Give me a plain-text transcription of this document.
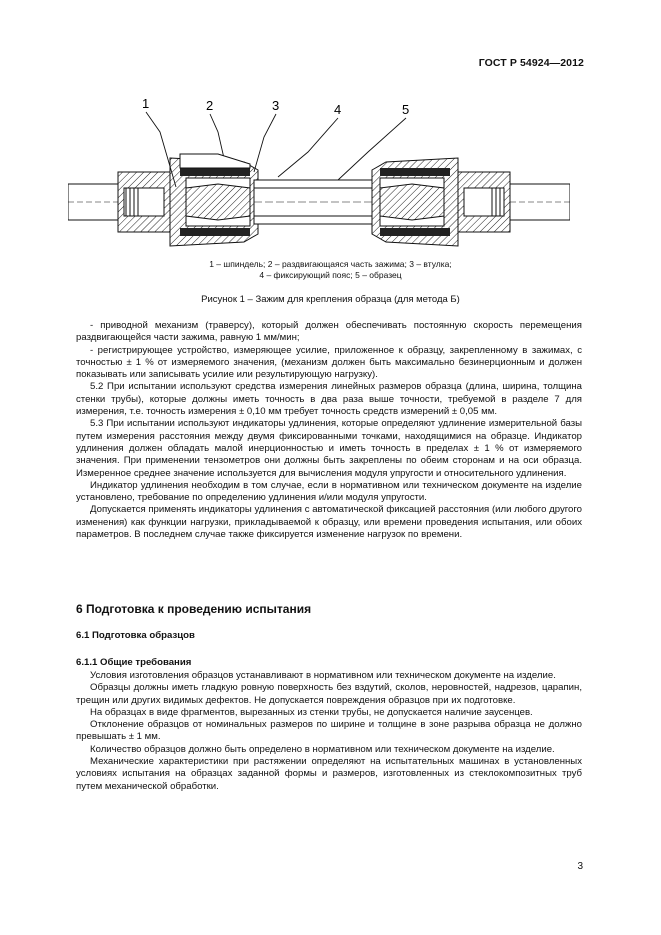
ГОСТ Р 54924—2012
1	2	3	4	5
1 – шпиндель; 2 – раздвигающаяся часть зажима; 3 – втулка;
4 – фиксирующий пояс; 5 – образец
Рисунок 1 – Зажим для крепления образца (для метода Б)

- приводной механизм (траверсу), который должен обеспечивать постоянную скорость перемещения раздвигающейся части зажима, равную 1 мм/мин;

- регистрирующее устройство, измеряющее усилие, приложенное к образцу, закрепленному в зажимах, с точностью ± 1 % от измеряемого значения, (механизм должен быть максимально безинерционным и должен показывать или записывать усилие или результирующую нагрузку).

5.2 При испытании используют средства измерения линейных размеров образца (длина, ширина, толщина стенки трубы), которые должны иметь точность в два раза выше точности, требуемой в разделе 7 для измерения, т.е. точность измерения ± 0,10 мм требует точность средств измерений ± 0,05 мм.

5.3 При испытании используют индикаторы удлинения, которые определяют удлинение измерительной базы путем измерения расстояния между двумя фиксированными точками, находящимися на образце. Индикатор удлинения должен обладать малой инерционностью и иметь точность в пределах ± 1 % от измеряемого значения. При применении тензометров они должны быть закреплены по обеим сторонам и на оси образца. Измеренное среднее значение используется для вычисления модуля упругости и относительного удлинения.

Индикатор удлинения необходим в том случае, если в нормативном или техническом документе на изделие установлено, требование по определению удлинения и/или модуля упругости.

Допускается применять индикаторы удлинения с автоматической фиксацией расстояния (или любого другого изменения) как функции нагрузки, прикладываемой к образцу, или времени проведения испытания, или обоих параметров. В последнем случае также фиксируется изменение нагрузок по времени.

6 Подготовка к проведению испытания
6.1 Подготовка образцов
6.1.1 Общие требования

Условия изготовления образцов устанавливают в нормативном или техническом документе на изделие.

Образцы должны иметь гладкую ровную поверхность без вздутий, сколов, неровностей, надрезов, царапин, трещин или других видимых дефектов. Не допускается повреждения образцов при их подготовке.

На образцах в виде фрагментов, вырезанных из стенки трубы, не допускается наличие заусенцев.

Отклонение образцов от номинальных размеров по ширине и толщине в зоне разрыва образца не должно превышать ± 1 мм.

Количество образцов должно быть определено в нормативном или техническом документе на изделие.

Механические характеристики при растяжении определяют на испытательных машинах в установленных условиях испытания на образцах заданной формы и размеров, изготовленных из стеклокомпозитных труб путем механической обработки.

3
